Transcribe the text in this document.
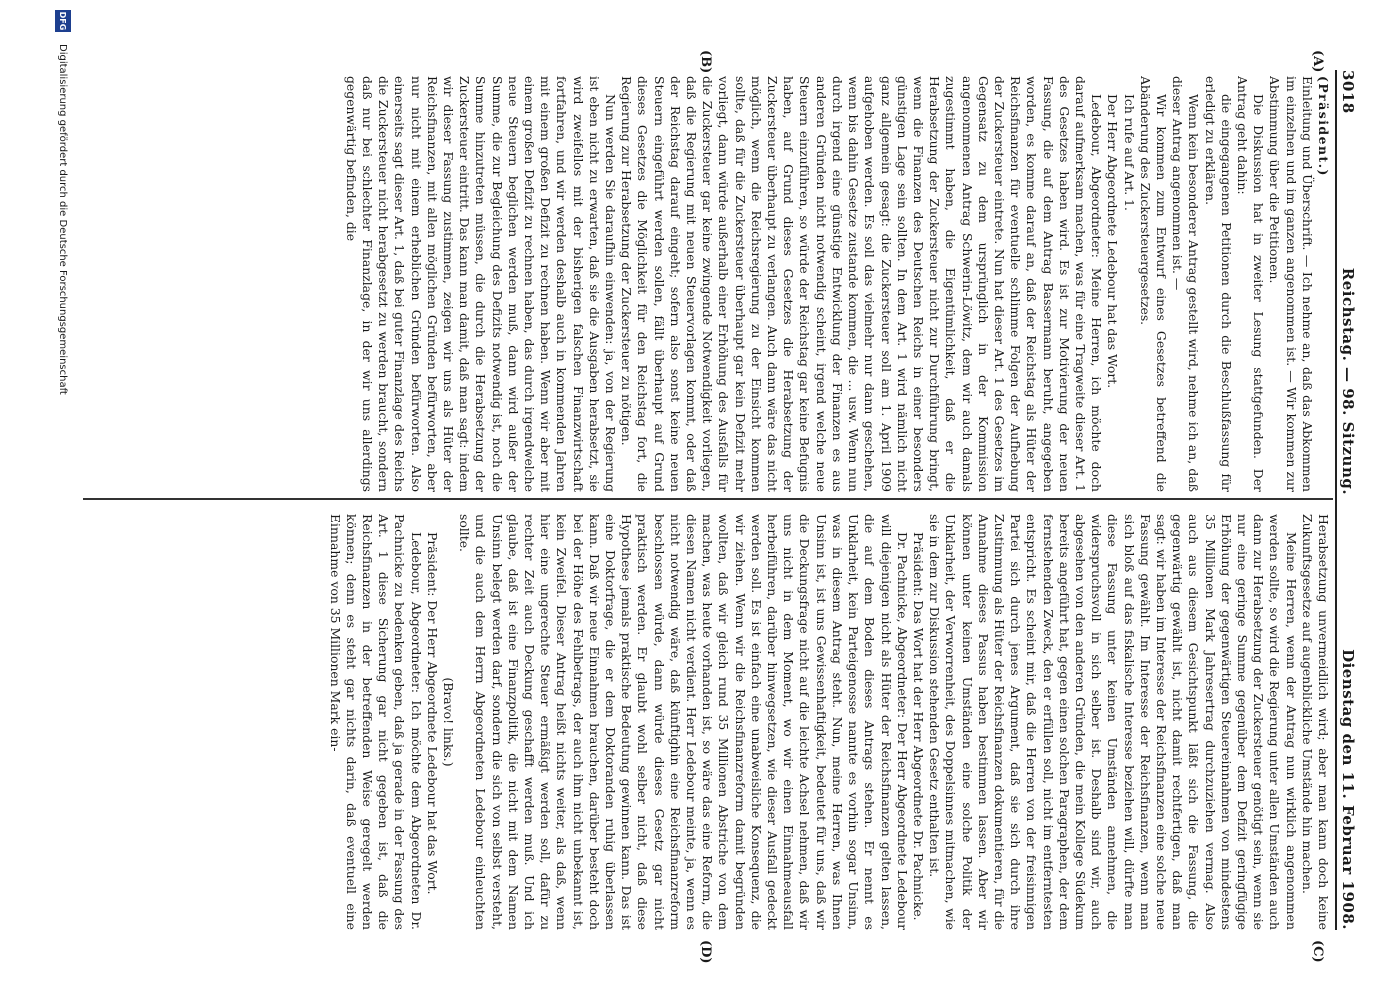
3018
Reichstag. — 98. Sitzung.
Dienstag den 11. Februar 1908.
(A)
(B)
(C)
(D)

(Präsident.)

Einleitung und Überschrift. — Ich nehme an, daß das Abkommen im einzelnen und im ganzen angenommen ist. — Wir kommen zur Abstimmung über die Petitionen.

Die Diskussion hat in zweiter Lesung stattgefunden. Der Antrag geht dahin:

die eingegangenen Petitionen durch die Beschlußfassung für erledigt zu erklären.

Wenn kein besonderer Antrag gestellt wird, nehme ich an, daß dieser Antrag angenommen ist. —

Wir kommen zum Entwurf eines Gesetzes betreffend die Abänderung des Zuckersteuergesetzes.

Ich rufe auf Art. 1.

Der Herr Abgeordnete Ledebour hat das Wort.

Ledebour, Abgeordneter: Meine Herren, ich möchte doch darauf aufmerksam machen, was für eine Tragweite dieser Art. 1 des Gesetzes haben wird. Es ist zur Motivierung der neuen Fassung, die auf dem Antrag Bassermann beruht, angegeben worden, es komme darauf an, daß der Reichstag als Hüter der Reichsfinanzen für eventuelle schlimme Folgen der Aufhebung der Zuckersteuer eintrete. Nun hat dieser Art. 1 des Gesetzes im Gegensatz zu dem ursprünglich in der Kommission angenommenen Antrag Schwerin-Löwitz, dem wir auch damals zugestimmt haben, die Eigentümlichkeit, daß er die Herabsetzung der Zuckersteuer nicht zur Durchführung bringt, wenn die Finanzen des Deutschen Reichs in einer besonders günstigen Lage sein sollten. In dem Art. 1 wird nämlich nicht ganz allgemein gesagt: die Zuckersteuer soll am 1. April 1909 aufgehoben werden. Es soll das vielmehr nur dann geschehen, wenn bis dahin Gesetze zustande kommen, die ... usw. Wenn nun durch irgend eine günstige Entwicklung der Finanzen es aus anderen Gründen nicht notwendig scheint, irgend welche neue Steuern einzuführen, so würde der Reichstag gar keine Befugnis haben, auf Grund dieses Gesetzes die Herabsetzung der Zuckersteuer überhaupt zu verlangen. Auch dann wäre das nicht möglich, wenn die Reichsregierung zu der Einsicht kommen sollte, daß für die Zuckersteuer überhaupt gar kein Defizit mehr vorliegt, dann würde außerhalb einer Erhöhung des Ausfalls für die Zuckersteuer gar keine zwingende Notwendigkeit vorliegen, daß die Regierung mit neuen Steuervorlagen kommt, oder daß der Reichstag darauf eingeht; sofern also sonst keine neuen Steuern eingeführt werden sollen, fällt überhaupt auf Grund dieses Gesetzes die Möglichkeit für den Reichstag fort, die Regierung zur Herabsetzung der Zuckersteuer zu nötigen.

Nun werden Sie daraufhin einwenden: ja, von der Regierung ist eben nicht zu erwarten, daß sie die Ausgaben herabsetzt, sie wird zweifellos mit der bisherigen falschen Finanzwirtschaft fortfahren, und wir werden deshalb auch in kommenden Jahren mit einem großen Defizit zu rechnen haben. Wenn wir aber mit einem großen Defizit zu rechnen haben, das durch irgendwelche neue Steuern beglichen werden muß, dann wird außer der Summe, die zur Begleichung des Defizits notwendig ist, noch die Summe hinzutreten müssen, die durch die Herabsetzung der Zuckersteuer eintritt. Das kann man damit, daß man sagt: indem wir dieser Fassung zustimmen, zeigen wir uns als Hüter der Reichsfinanzen, mit allen möglichen Gründen befürworten, aber nur nicht mit einem erheblichen Gründen befürworten. Also einerseits sagt dieser Art. 1, daß bei guter Finanzlage des Reichs die Zuckersteuer nicht herabgesetzt zu werden braucht, sondern daß nur bei schlechter Finanzlage, in der wir uns allerdings gegenwärtig befinden, die

Herabsetzung unvermeidlich wird; aber man kann doch keine Zukunftsgesetze auf augenblickliche Umstände hin machen.

Meine Herren, wenn der Antrag nun wirklich angenommen werden sollte, so wird die Regierung unter allen Umständen auch dann zur Herabsetzung der Zuckersteuer genötigt sein, wenn sie nur eine geringe Summe gegenüber dem Defizit geringfügige Erhöhung der gegenwärtigen Steuereinnahmen von mindestens 35 Millionen Mark Jahresertrag durchzuziehen vermag. Also auch aus diesem Gesichtspunkt läßt sich die Fassung, die gegenwärtig gewählt ist, nicht damit rechtfertigen, daß man sagt: wir haben im Interesse der Reichsfinanzen eine solche neue Fassung gewählt. Im Interesse der Reichsfinanzen, wenn man sich bloß auf das fiskalische Interesse beziehen will, dürfte man diese Fassung unter keinen Umständen annehmen, die widerspruchsvoll in sich selber ist. Deshalb sind wir, auch abgesehen von den anderen Gründen, die mein Kollege Südekum bereits angeführt hat, gegen einen solchen Paragraphen, der dem fernstehenden Zweck, den er erfüllen soll, nicht im entferntesten entspricht. Es scheint mir, daß die Herren von der freisinnigen Partei sich durch jenes Argument, daß sie sich durch ihre Zustimmung als Hüter der Reichsfinanzen dokumentieren, für die Annahme dieses Passus haben bestimmen lassen. Aber wir können unter keinen Umständen eine solche Politik der Unklarheit, der Verworrenheit, des Doppelsinnes mitmachen, wie sie in dem zur Diskussion stehenden Gesetz enthalten ist.

Präsident: Das Wort hat der Herr Abgeordnete Dr. Pachnicke.

Dr. Pachnicke, Abgeordneter: Der Herr Abgeordnete Ledebour will diejenigen nicht als Hüter der Reichsfinanzen gelten lassen, die auf dem Boden dieses Antrags stehen. Er nennt es Unklarheit, kein Parteigenosse nannte es vorhin sogar Unsinn, was in diesem Antrag steht. Nun, meine Herren, was Ihnen Unsinn ist, ist uns Gewissenhaftigkeit, bedeutet für uns, daß wir die Deckungsfrage nicht auf die leichte Achsel nehmen, daß wir uns nicht in dem Moment, wo wir einen Einnahmeausfall herbeiführen, darüber hinwegsetzen, wie dieser Ausfall gedeckt werden soll. Es ist einfach eine unabweisliche Konsequenz, die wir ziehen. Wenn wir die Reichsfinanzreform damit begründen wollten, daß wir gleich rund 35 Millionen Abstriche von dem machen, was heute vorhanden ist, so wäre das eine Reform, die diesen Namen nicht verdient. Herr Ledebour meinte, ja, wenn es nicht notwendig wäre, daß künftighin eine Reichsfinanzreform beschlossen würde, dann würde dieses Gesetz gar nicht praktisch werden. Er glaubt wohl selber nicht, daß diese Hypothese jemals praktische Bedeutung gewinnen kann. Das ist eine Doktorfrage, die er dem Doktoranden ruhig überlassen kann. Daß wir neue Einnahmen brauchen, darüber besteht doch bei der Höhe des Fehlbetrags, der auch ihm nicht unbekannt ist, kein Zweifel. Dieser Antrag heißt nichts weiter, als daß, wenn hier eine ungerechte Steuer ermäßigt werden soll, dafür zu rechter Zeit auch Deckung geschafft werden muß. Und ich glaube, daß ist eine Finanzpolitik, die nicht mit dem Namen Unsinn belegt werden darf, sondern die sich von selbst versteht, und die auch dem Herrn Abgeordneten Ledebour einleuchten sollte.

(Bravo! links.)

Präsident: Der Herr Abgeordnete Ledebour hat das Wort.

Ledebour, Abgeordneter: Ich möchte dem Abgeordneten Dr. Pachnicke zu bedenken geben, daß ja gerade in der Fassung des Art. 1 diese Sicherung gar nicht gegeben ist, daß die Reichsfinanzen in der betreffenden Weise geregelt werden können; denn es steht gar nichts darin, daß eventuell eine Einnahme von 35 Millionen Mark ein-

DFG
Digitalisierung gefördert durch die Deutsche Forschungsgemeinschaft
